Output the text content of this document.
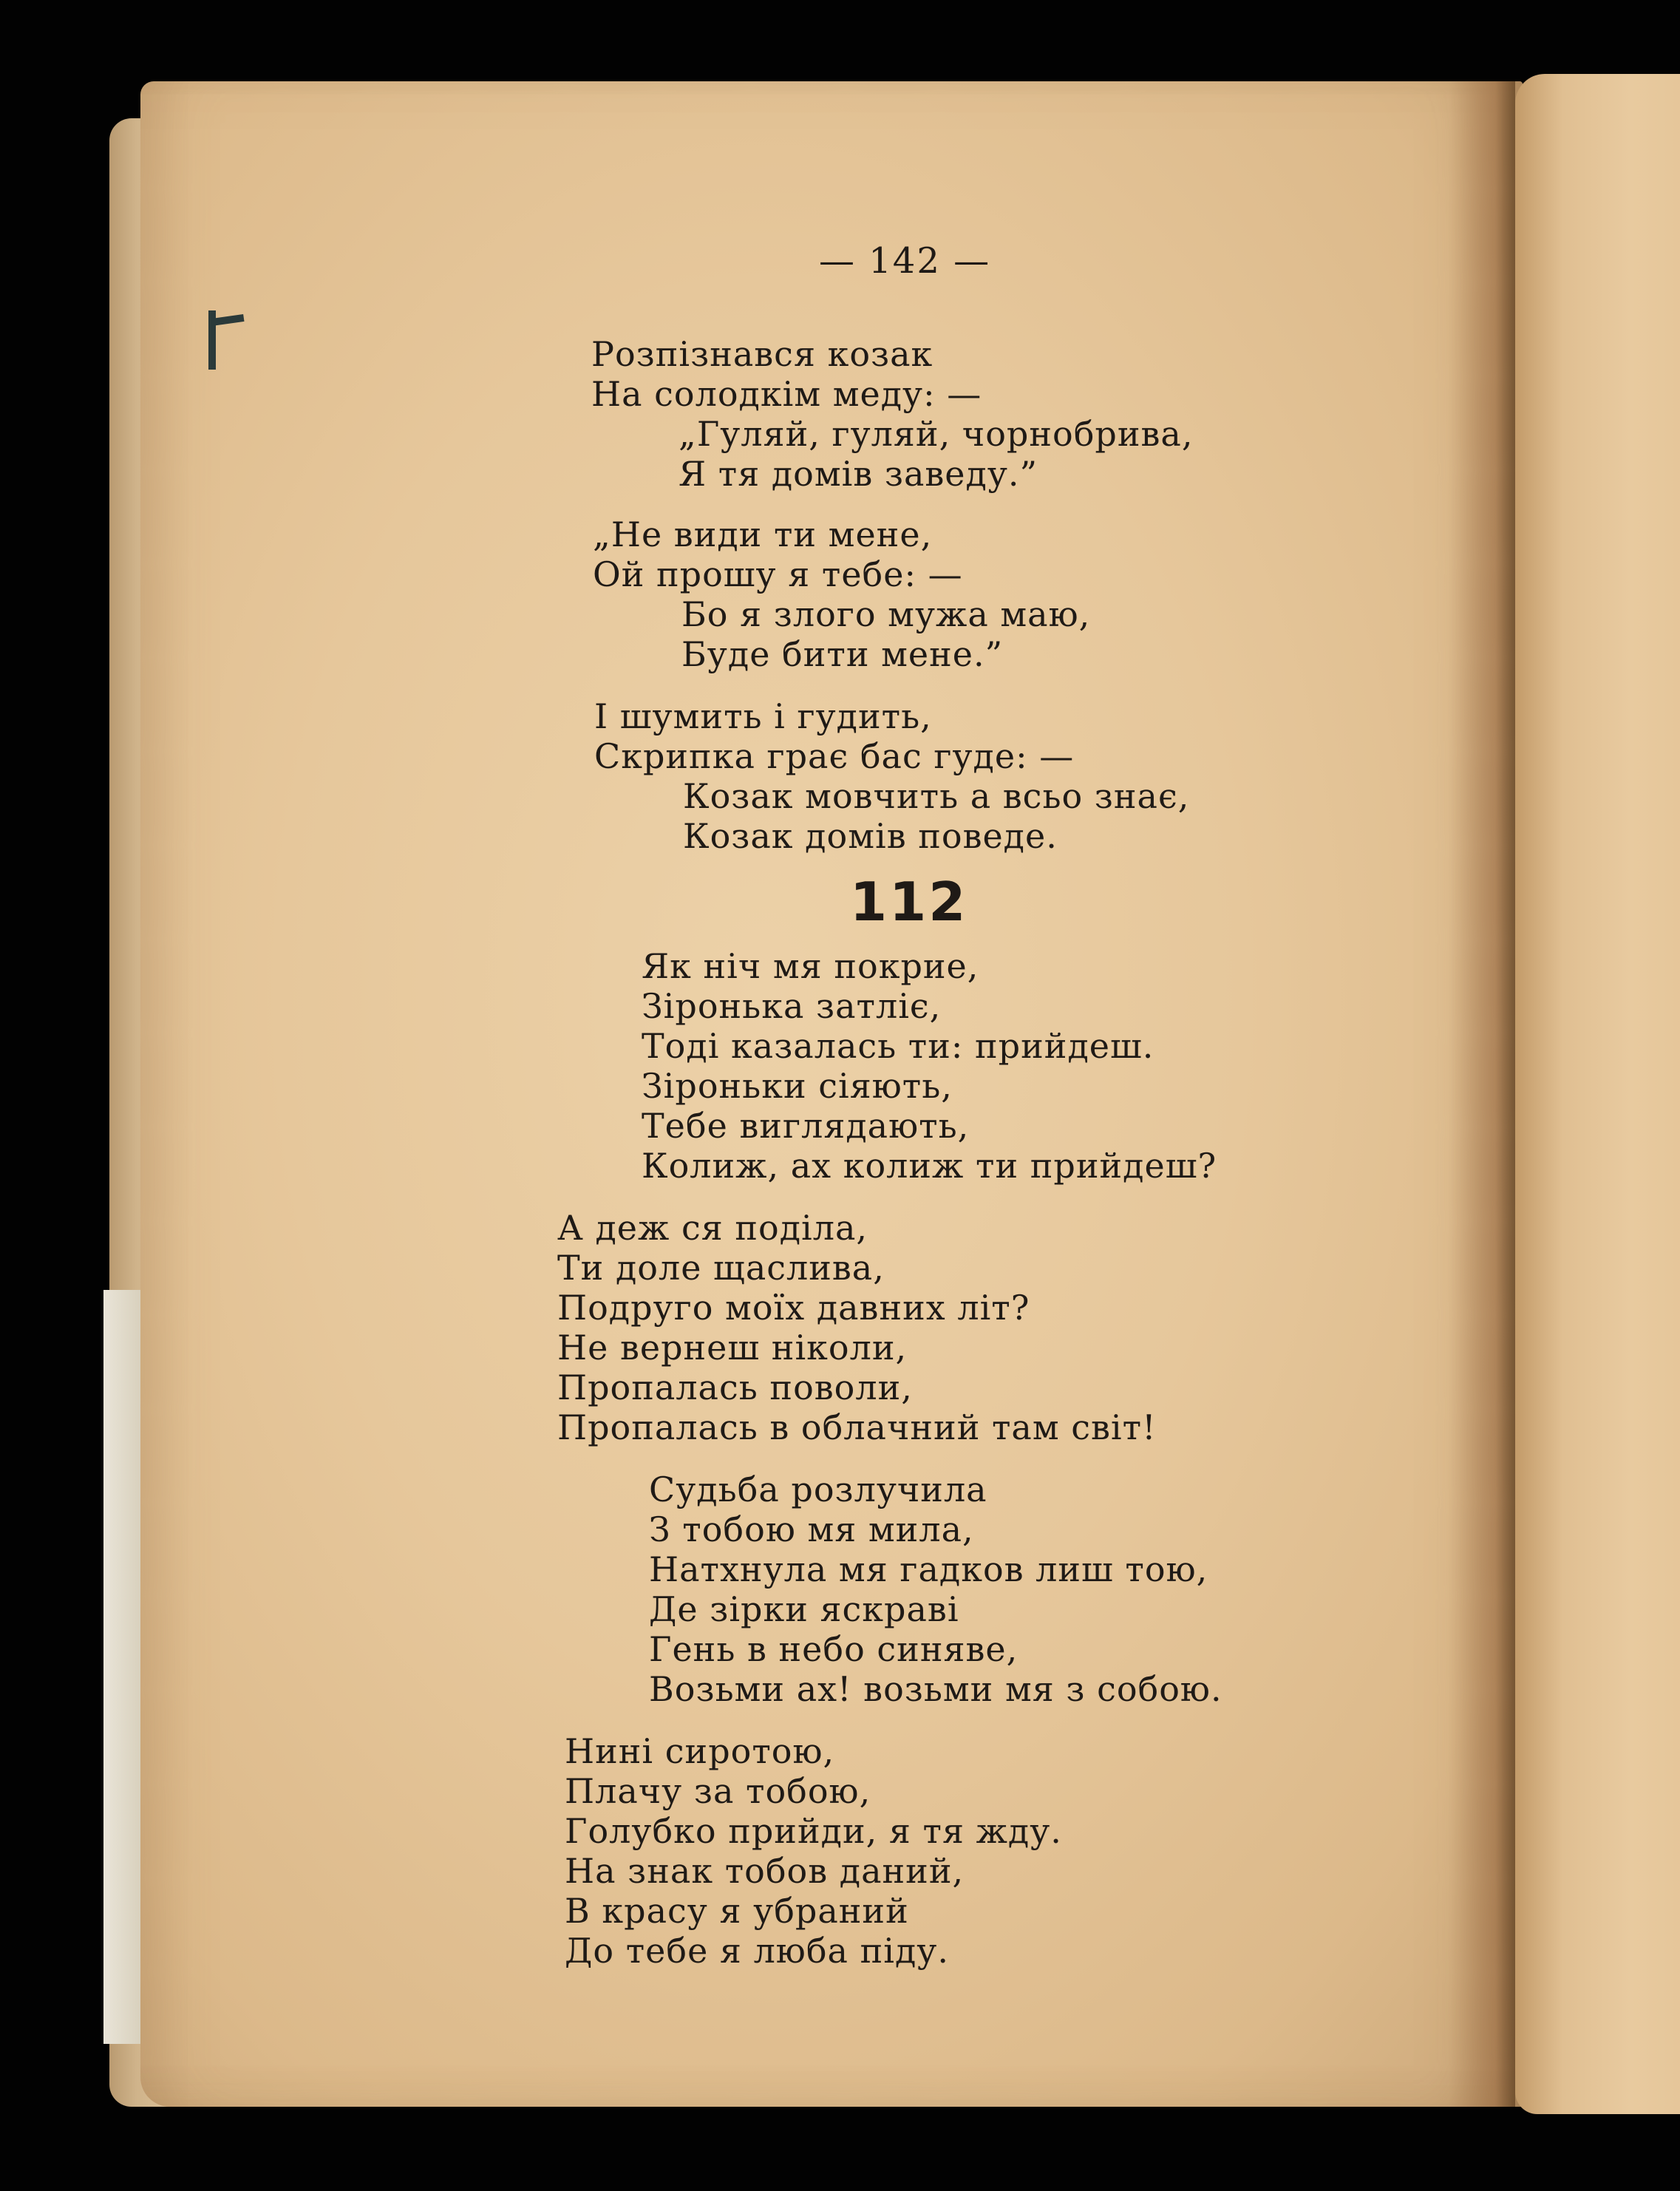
— 142 —
Розпізнався козак
На солодкім меду: —
„Гуляй, гуляй, чорнобрива,
Я тя домів заведу.”
„Не види ти мене,
Ой прошу я тебе: —
Бо я злого мужа маю,
Буде бити мене.”
І шумить і гудить,
Скрипка грає бас гуде: —
Козак мовчить а всьо знає,
Козак домів поведе.
112
Як ніч мя покрие,
Зіронька затліє,
Тоді казалась ти: прийдеш.
Зіроньки сіяють,
Тебе виглядають,
Колиж, ах колиж ти прийдеш?
А деж ся поділа,
Ти доле щаслива,
Подруго моїх давних літ?
Не вернеш ніколи,
Пропалась поволи,
Пропалась в облачний там світ!
Судьба розлучила
З тобою мя мила,
Натхнула мя гадков лиш тою,
Де зірки яскраві
Гень в небо синяве,
Возьми ах! возьми мя з собою.
Нині сиротою,
Плачу за тобою,
Голубко прийди, я тя жду.
На знак тобов даний,
В красу я убраний
До тебе я люба піду.
